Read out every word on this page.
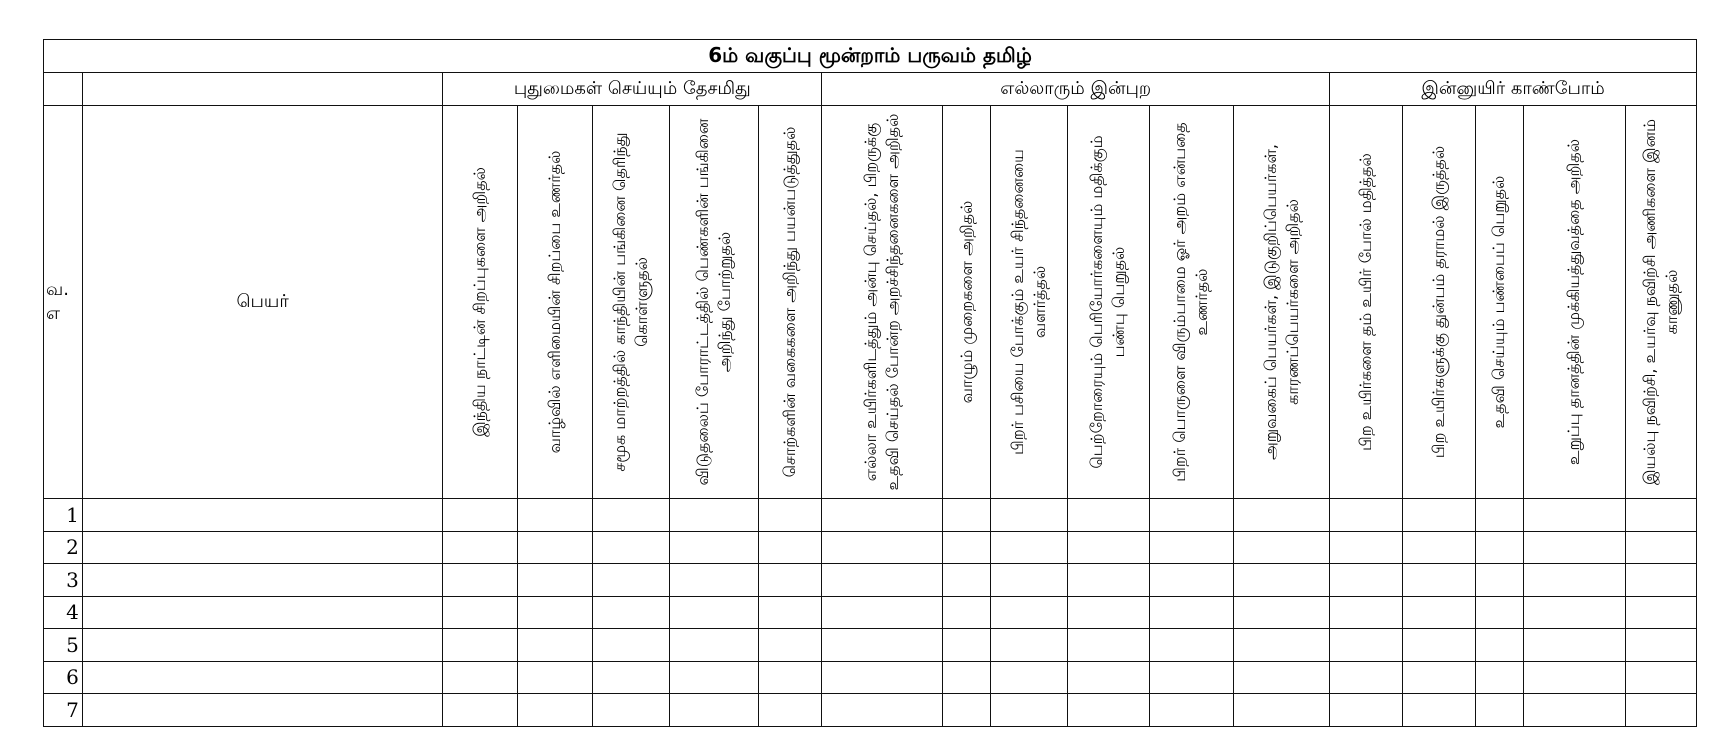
6ம் வகுப்பு மூன்றாம் பருவம் தமிழ்																	
		புதுமைகள் செய்யும் தேசமிது					எல்லாரும் இன்புற						இன்னுயிர் காண்போம்				
வ. எ	பெயர்	இந்திய நாட்டின் சிறப்புகளை அறிதல்	வாழ்வில் எளிமையின் சிறப்பை உணர்தல்	சமூக மாற்றத்தில் காந்தியின் பங்கினை தெரிந்து கொள்ளுதல்	விடுதலைப் போராட்டத்தில் பெண்களின் பங்கினை அறிந்து போற்றுதல்	சொற்களின் வகைகளை அறிந்து பயன்படுத்துதல்	எல்லா உயிர்களிடத்தும் அன்பு செய்தல், பிறருக்கு உதவி செய்தல் போன்ற அறச்சிந்தனைகளை அறிதல்	வாழும் முறைகளை அறிதல்	பிறர் பசியை போக்கும் உயர் சிந்தனையை வளர்த்தல்	பெற்றோரையும் பெரியோர்களையும் மதிக்கும் பண்பு பெறுதல்	பிறர் பொருளை விரும்பாமை ஓர் அறம் என்பதை உணர்தல்	அறுவகைப் பெயர்கள், இடுகுறிப்பெயர்கள், காரணப்பெயர்களை அறிதல்	பிற உயிர்களை தம் உயிர் போல் மதித்தல்	பிற உயிர்களுக்கு துன்பம் தராமல் இருத்தல்	உதவி செய்யும் பண்பைப் பெறுதல்	உறுப்பு தானத்தின் முக்கியத்துவத்தை அறிதல்	இயல்பு நவிற்சி, உயர்வு நவிற்சி அணிகளை இனம் காணுதல்

1																	
2																	
3																	
4																	
5																	
6																	
7																	
